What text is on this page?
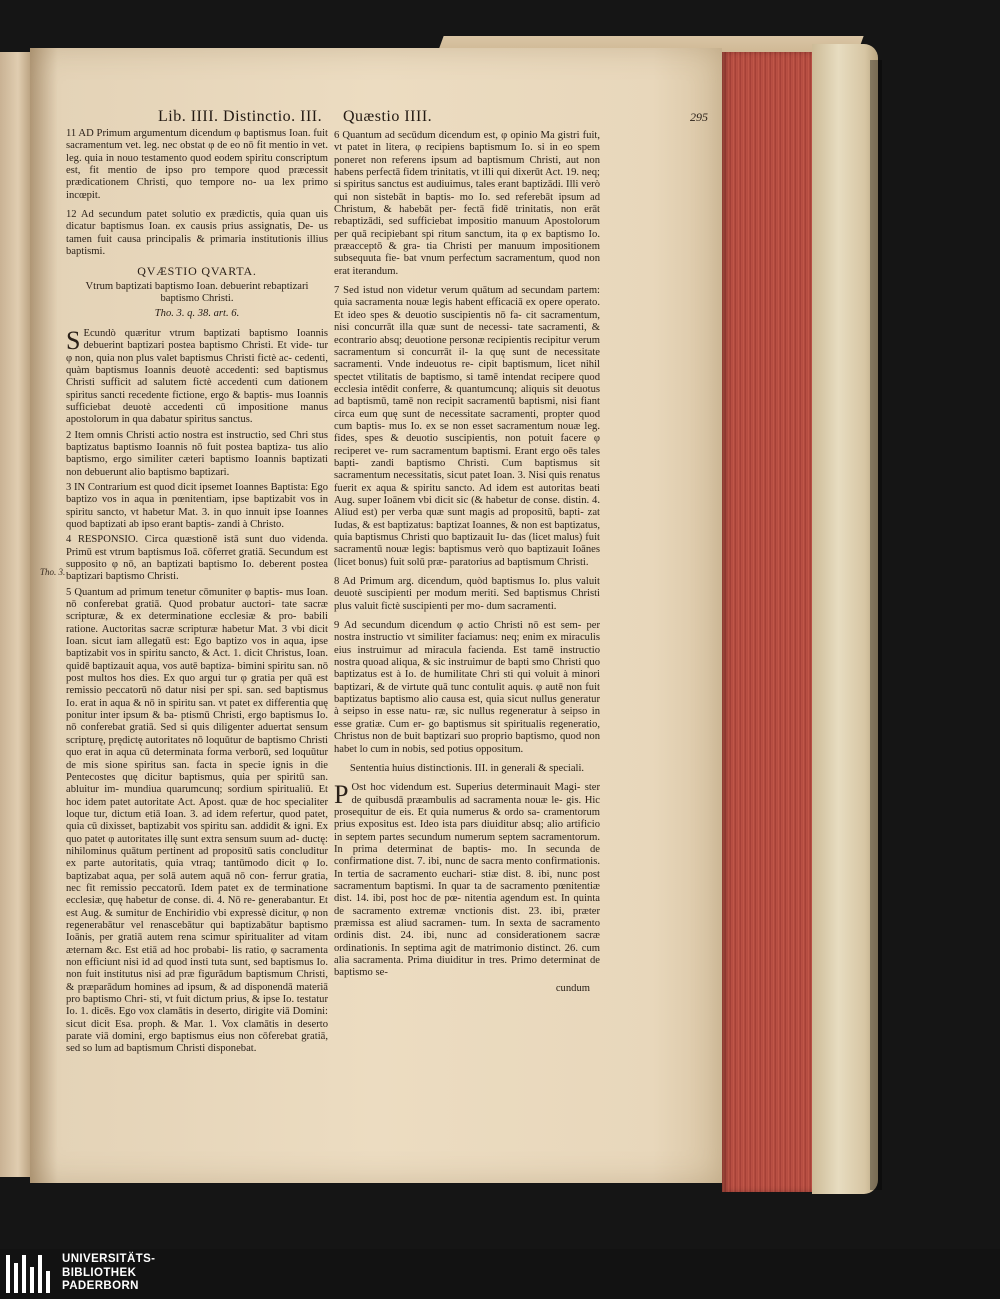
Lib. IIII. Distinctio. III. Quæstio IIII.	295
Tho. 3.

11 AD Primum argumentum dicendum φ baptismus Ioan. fuit sacramentum vet. leg. nec obstat φ de eo nō fit mentio in vet. leg. quia in nouo testamento quod eodem spiritu conscriptum est, fit mentio de ipso pro tempore quod præcessit prædicationem Christi, quo tempore no- ua lex primo incœpit.

12 Ad secundum patet solutio ex prædictis, quia quan uis dicatur baptismus Ioan. ex causis prius assignatis, De- us tamen fuit causa principalis & primaria institutionis illius baptismi.

QVÆSTIO QVARTA.

Vtrum baptizati baptismo Ioan. debuerint rebaptizari baptismo Christi.

Tho. 3. q. 38. art. 6.

S Ecundò quæritur vtrum baptizati baptismo Ioannis debuerint baptizari postea baptismo Christi. Et vide- tur φ non, quia non plus valet baptismus Christi fictè ac- cedenti, quàm baptismus Ioannis deuotè accedenti: sed baptismus Christi sufficit ad salutem fictè accedenti cum dationem spiritus sancti recedente fictione, ergo & baptis- mus Ioannis sufficiebat deuotè accedenti cū impositione manus apostolorum in qua dabatur spiritus sanctus.

2 Item omnis Christi actio nostra est instructio, sed Chri stus baptizatus baptismo Ioannis nō fuit postea baptiza- tus alio baptismo, ergo similiter cæteri baptismo Ioannis baptizati non debuerunt alio baptismo baptizari.

3 IN Contrarium est quod dicit ipsemet Ioannes Baptista: Ego baptizo vos in aqua in pœnitentiam, ipse baptizabit vos in spiritu sancto, vt habetur Mat. 3. in quo innuit ipse Ioannes quod baptizati ab ipso erant baptis- zandi à Christo.

4 RESPONSIO. Circa quæstionē istā sunt duo videnda. Primū est vtrum baptismus Ioā. cōferret gratiā. Secundum est supposito φ nō, an baptizati baptismo Io. deberent postea baptizari baptismo Christi.

5 Quantum ad primum tenetur cōmuniter φ baptis- mus Ioan. nō conferebat gratiā. Quod probatur auctori- tate sacræ scripturæ, & ex determinatione ecclesiæ & pro- babili ratione. Auctoritas sacræ scripturæ habetur Mat. 3 vbi dicit Ioan. sicut iam allegatū est: Ego baptizo vos in aqua, ipse baptizabit vos in spiritu sancto, & Act. 1. dicit Christus, Ioan. quidē baptizauit aqua, vos autē baptiza- bimini spiritu san. nō post multos hos dies. Ex quo argui tur φ gratia per quā est remissio peccatorū nō datur nisi per spi. san. sed baptismus Io. erat in aqua & nō in spiritu san. vt patet ex differentia quę ponitur inter ipsum & ba- ptismū Christi, ergo baptismus Io. nō conferebat gratiā. Sed si quis diligenter aduertat sensum scripturę, prędictę autoritates nō loquūtur de baptismo Christi quo erat in aqua cū determinata forma verborū, sed loquūtur de mis sione spiritus san. facta in specie ignis in die Pentecostes quę dicitur baptismus, quia per spiritū san. abluitur im- mundiua quarumcunq; sordium spiritualiū. Et hoc idem patet autoritate Act. Apost. quæ de hoc specialiter loque tur, dictum etiā Ioan. 3. ad idem refertur, quod patet, quia cū dixisset, baptizabit vos spiritu san. addidit & igni. Ex quo patet φ autoritates illę sunt extra sensum suum ad- ductę: nihilominus quātum pertinent ad propositū satis concluditur ex parte autoritatis, quia vtraq; tantūmodo dicit φ Io. baptizabat aqua, per solā autem aquā nō con- ferrur gratia, nec fit remissio peccatorū. Idem patet ex de terminatione ecclesiæ, quę habetur de conse. di. 4. Nō re- generabantur. Et est Aug. & sumitur de Enchiridio vbi expressè dicitur, φ non regenerabātur vel renascebātur qui baptizabātur baptismo Ioānis, per gratiā autem rena scimur spiritualiter ad vitam æternam &c. Est etiā ad hoc probabi- lis ratio, φ sacramenta non efficiunt nisi id ad quod insti tuta sunt, sed baptismus Io. non fuit institutus nisi ad præ figurādum baptismum Christi, & præparādum homines ad ipsum, & ad disponendā materiā pro baptismo Chri- sti, vt fuit dictum prius, & ipse Io. testatur Io. 1. dicēs. Ego vox clamātis in deserto, dirigite viā Domini: sicut dicit Esa. proph. & Mar. 1. Vox clamātis in deserto parate viā domini, ergo baptismus eius non cōferebat gratiā, sed so lum ad baptismum Christi disponebat.

6 Quantum ad secūdum dicendum est, φ opinio Ma gistri fuit, vt patet in litera, φ recipiens baptismum Io. si in eo spem poneret non referens ipsum ad baptismum Christi, aut non habens perfectā fidem trinitatis, vt illi qui dixerūt Act. 19. neq; si spiritus sanctus est audiuimus, tales erant baptizādi. Illi verò qui non sistebāt in baptis- mo Io. sed referebāt ipsum ad Christum, & habebāt per- fectā fidē trinitatis, non erāt rebaptizādi, sed sufficiebat impositio manuum Apostolorum per quā recipiebant spi ritum sanctum, ita φ ex baptismo Io. præacceptō & gra- tia Christi per manuum impositionem subsequuta fie- bat vnum perfectum sacramentum, quod non erat iterandum.

7 Sed istud non videtur verum quātum ad secundam partem: quia sacramenta nouæ legis habent efficaciā ex opere operato. Et ideo spes & deuotio suscipientis nō fa- cit sacramentum, nisi concurrāt illa quæ sunt de necessi- tate sacramenti, & econtrario absq; deuotione personæ recipientis recipitur verum sacramentum si concurrāt il- la quę sunt de necessitate sacramenti. Vnde indeuotus re- cipit baptismum, licet nihil spectet vtilitatis de baptismo, si tamē intendat recipere quod ecclesia intēdit conferre, & quantumcunq; aliquis sit deuotus ad baptismū, tamē non recipit sacramentū baptismi, nisi fiant circa eum quę sunt de necessitate sacramenti, propter quod cum baptis- mus Io. ex se non esset sacramentum nouæ leg. fides, spes & deuotio suscipientis, non potuit facere φ reciperet ve- rum sacramentum baptismi. Erant ergo oēs tales bapti- zandi baptismo Christi. Cum baptismus sit sacramentum necessitatis, sicut patet Ioan. 3. Nisi quis renatus fuerit ex aqua & spiritu sancto. Ad idem est autoritas beati Aug. super Ioānem vbi dicit sic (& habetur de conse. distin. 4. Aliud est) per verba quæ sunt magis ad propositū, bapti- zat Iudas, & est baptizatus: baptizat Ioannes, & non est baptizatus, quia baptismus Christi quo baptizauit Iu- das (licet malus) fuit sacramentū nouæ legis: baptismus verò quo baptizauit Ioānes (licet bonus) fuit solū præ- paratorius ad baptismum Christi.

8 Ad Primum arg. dicendum, quòd baptismus Io. plus valuit deuotè suscipienti per modum meriti. Sed baptismus Christi plus valuit fictè suscipienti per mo- dum sacramenti.

9 Ad secundum dicendum φ actio Christi nō est sem- per nostra instructio vt similiter faciamus: neq; enim ex miraculis eius instruimur ad miracula facienda. Est tamē instructio nostra quoad aliqua, & sic instruimur de bapti smo Christi quo baptizatus est à Io. de humilitate Chri sti qui voluit à minori baptizari, & de virtute quā tunc contulit aquis. φ autē non fuit baptizatus baptismo alio causa est, quia sicut nullus generatur à seipso in esse natu- ræ, sic nullus regeneratur à seipso in esse gratiæ. Cum er- go baptismus sit spiritualis regeneratio, Christus non de buit baptizari suo proprio baptismo, quod non habet lo cum in nobis, sed potius oppositum.

Sententia huius distinctionis. III. in generali & speciali.

P Ost hoc videndum est. Superius determinauit Magi- ster de quibusdā præambulis ad sacramenta nouæ le- gis. Hic prosequitur de eis. Et quia numerus & ordo sa- cramentorum prius expositus est. Ideo ista pars diuiditur absq; alio artificio in septem partes secundum numerum septem sacramentorum. In prima determinat de baptis- mo. In secunda de confirmatione dist. 7. ibi, nunc de sacra mento confirmationis. In tertia de sacramento euchari- stiæ dist. 8. ibi, nunc post sacramentum baptismi. In quar ta de sacramento pœnitentiæ dist. 14. ibi, post hoc de pœ- nitentia agendum est. In quinta de sacramento extremæ vnctionis dist. 23. ibi, præter præmissa est aliud sacramen- tum. In sexta de sacramento ordinis dist. 24. ibi, nunc ad considerationem sacræ ordinationis. In septima agit de matrimonio distinct. 26. cum alia sacramenta. Prima diuiditur in tres. Primo determinat de baptismo se-

cundum

UNIVERSITÄTS-
BIBLIOTHEK
PADERBORN
